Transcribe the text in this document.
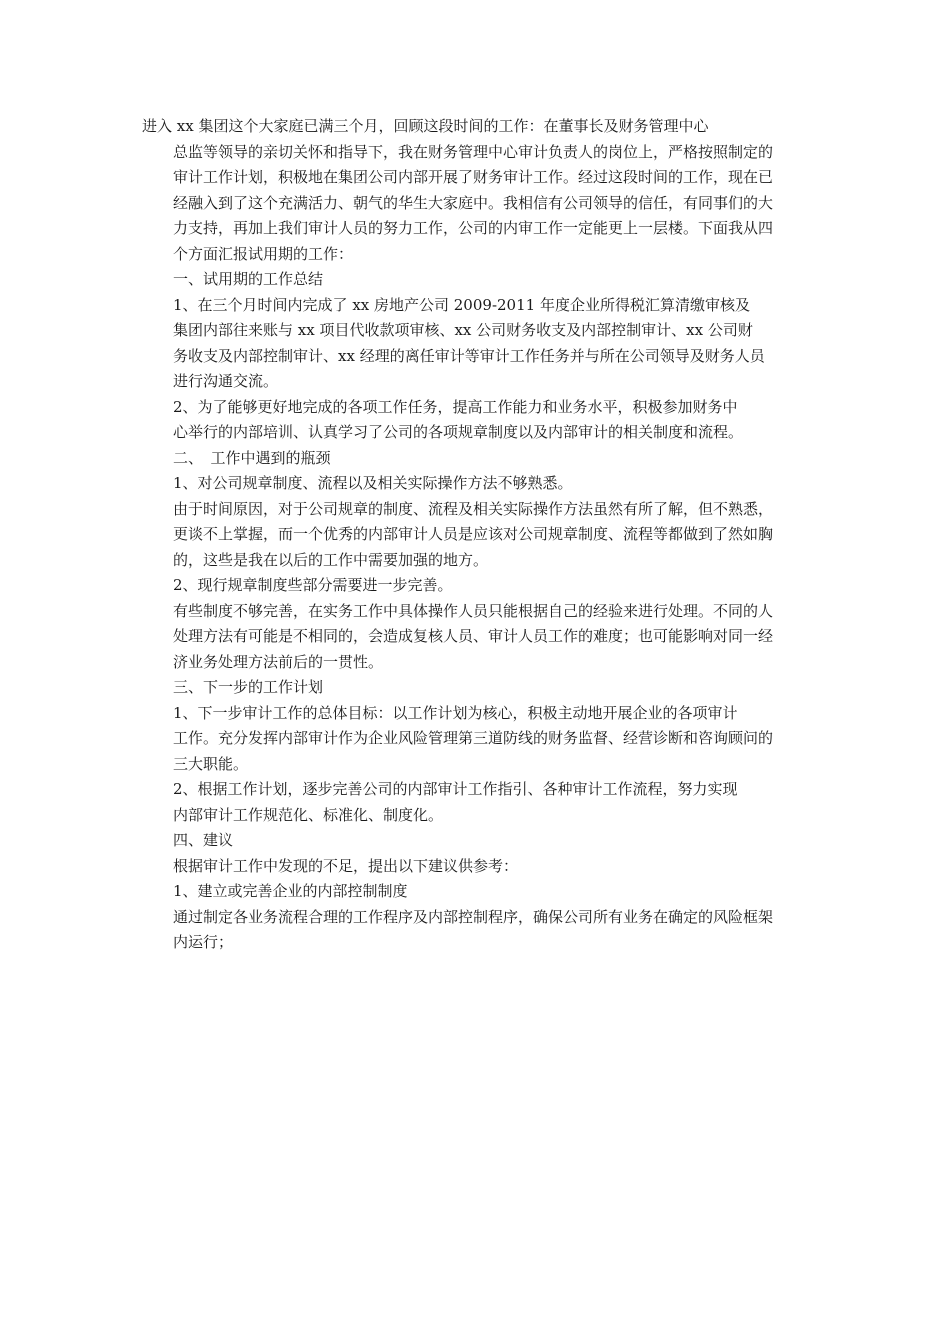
进入 xx 集团这个大家庭已满三个月，回顾这段时间的工作：在董事长及财务管理中心

总监等领导的亲切关怀和指导下，我在财务管理中心审计负责人的岗位上，严格按照制定的

审计工作计划，积极地在集团公司内部开展了财务审计工作。经过这段时间的工作，现在已

经融入到了这个充满活力、朝气的华生大家庭中。我相信有公司领导的信任，有同事们的大

力支持，再加上我们审计人员的努力工作，公司的内审工作一定能更上一层楼。下面我从四

个方面汇报试用期的工作：

一、试用期的工作总结

1、在三个月时间内完成了 xx 房地产公司 2009-2011 年度企业所得税汇算清缴审核及

集团内部往来账与 xx 项目代收款项审核、xx 公司财务收支及内部控制审计、xx 公司财

务收支及内部控制审计、xx 经理的离任审计等审计工作任务并与所在公司领导及财务人员

进行沟通交流。

2、为了能够更好地完成的各项工作任务，提高工作能力和业务水平，积极参加财务中

心举行的内部培训、认真学习了公司的各项规章制度以及内部审计的相关制度和流程。

二、　工作中遇到的瓶颈

1、对公司规章制度、流程以及相关实际操作方法不够熟悉。

由于时间原因，对于公司规章的制度、流程及相关实际操作方法虽然有所了解，但不熟悉，

更谈不上掌握，而一个优秀的内部审计人员是应该对公司规章制度、流程等都做到了然如胸

的，这些是我在以后的工作中需要加强的地方。

2、现行规章制度些部分需要进一步完善。

有些制度不够完善，在实务工作中具体操作人员只能根据自己的经验来进行处理。不同的人

处理方法有可能是不相同的，会造成复核人员、审计人员工作的难度；也可能影响对同一经

济业务处理方法前后的一贯性。

三、下一步的工作计划

1、下一步审计工作的总体目标：以工作计划为核心，积极主动地开展企业的各项审计

工作。充分发挥内部审计作为企业风险管理第三道防线的财务监督、经营诊断和咨询顾问的

三大职能。

2、根据工作计划，逐步完善公司的内部审计工作指引、各种审计工作流程，努力实现

内部审计工作规范化、标准化、制度化。

四、建议

根据审计工作中发现的不足，提出以下建议供参考：

1、建立或完善企业的内部控制制度

通过制定各业务流程合理的工作程序及内部控制程序，确保公司所有业务在确定的风险框架

内运行；
